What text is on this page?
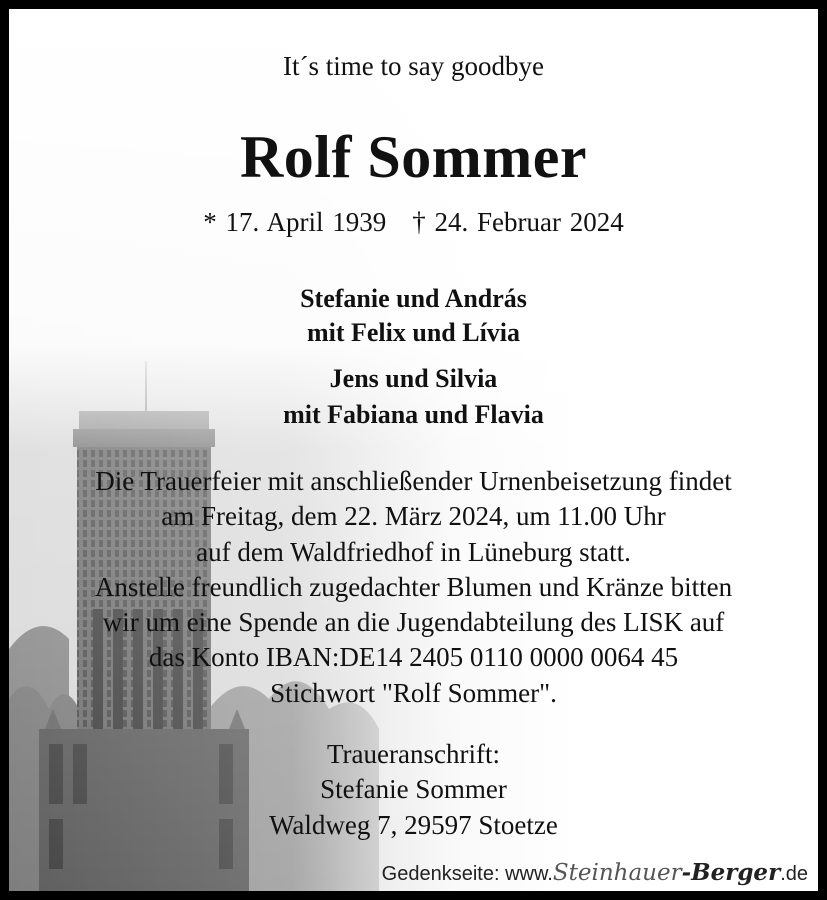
It´s time to say goodbye
Rolf Sommer
* 17. April 1939 † 24. Februar 2024
Stefanie und András
mit Felix und Lívia
Jens und Silvia
mit Fabiana und Flavia
Die Trauerfeier mit anschließender Urnenbeisetzung findet
am Freitag, dem 22. März 2024, um 11.00 Uhr
auf dem Waldfriedhof in Lüneburg statt.
Anstelle freundlich zugedachter Blumen und Kränze bitten
wir um eine Spende an die Jugendabteilung des LISK auf
das Konto IBAN:DE14 2405 0110 0000 0064 45
Stichwort "Rolf Sommer".
Traueranschrift:
Stefanie Sommer
Waldweg 7, 29597 Stoetze
Gedenkseite: www.Steinhauer-Berger.de
